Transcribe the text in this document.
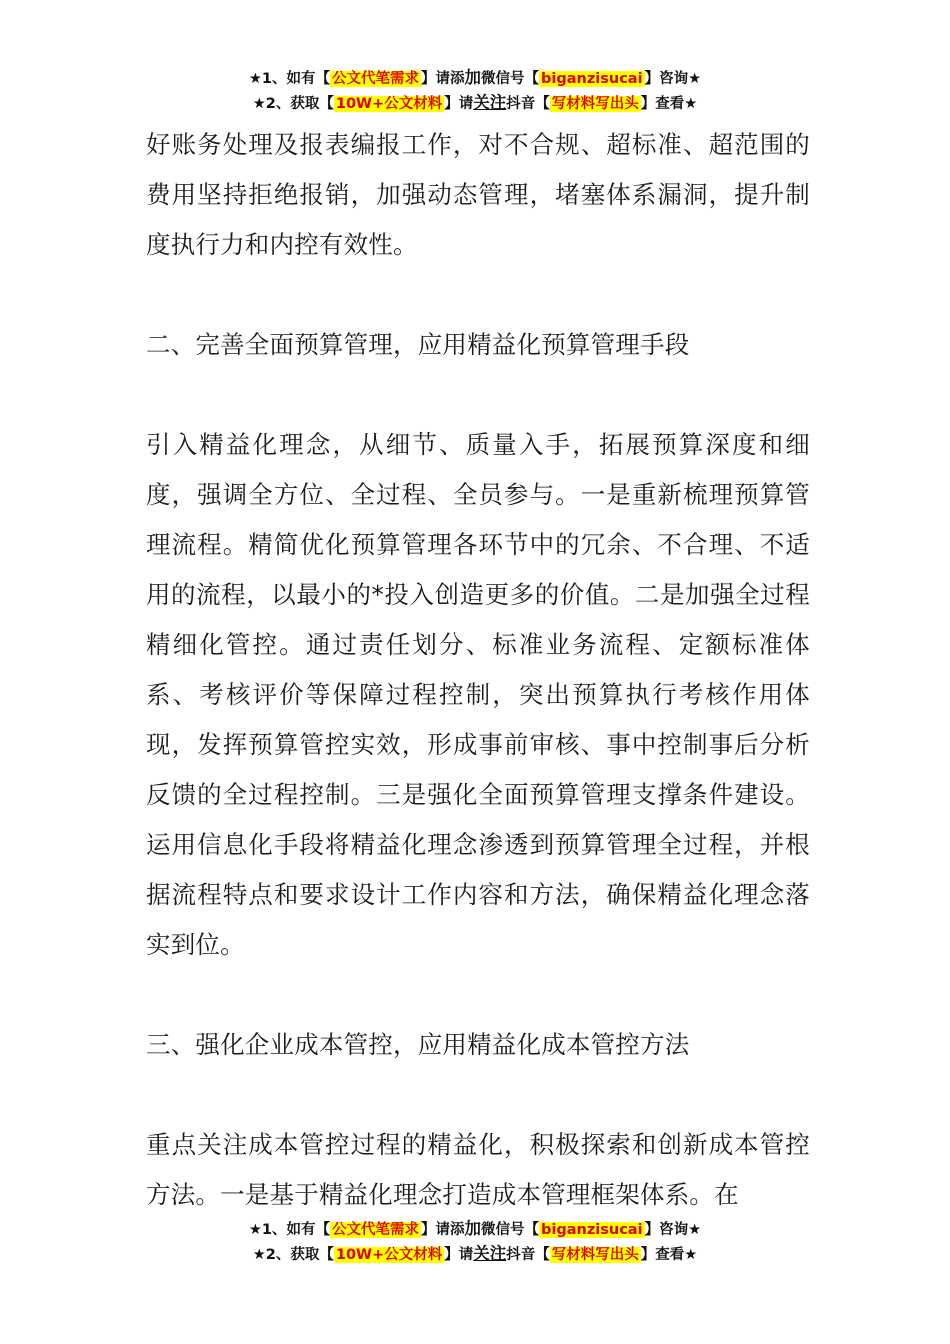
★1、如有【 公文代笔需求 】请添加微信号【 biganzisucai 】咨询★
★2、获取【 10W+公文材料 】请关注抖音【 写材料写出头 】查看★

好账务处理及报表编报工作，对不合规、超标准、超范围的费用坚持拒绝报销，加强动态管理，堵塞体系漏洞，提升制度执行力和内控有效性。

二、完善全面预算管理，应用精益化预算管理手段

引入精益化理念，从细节、质量入手，拓展预算深度和细度，强调全方位、全过程、全员参与。一是重新梳理预算管理流程。精简优化预算管理各环节中的冗余、不合理、不适用的流程，以最小的*投入创造更多的价值。二是加强全过程精细化管控。通过责任划分、标准业务流程、定额标准体系、考核评价等保障过程控制，突出预算执行考核作用体现，发挥预算管控实效，形成事前审核、事中控制事后分析反馈的全过程控制。三是强化全面预算管理支撑条件建设。运用信息化手段将精益化理念渗透到预算管理全过程，并根据流程特点和要求设计工作内容和方法，确保精益化理念落实到位。

三、强化企业成本管控，应用精益化成本管控方法

重点关注成本管控过程的精益化，积极探索和创新成本管控方法。一是基于精益化理念打造成本管理框架体系。在

★1、如有【 公文代笔需求 】请添加微信号【 biganzisucai 】咨询★
★2、获取【 10W+公文材料 】请关注抖音【 写材料写出头 】查看★
